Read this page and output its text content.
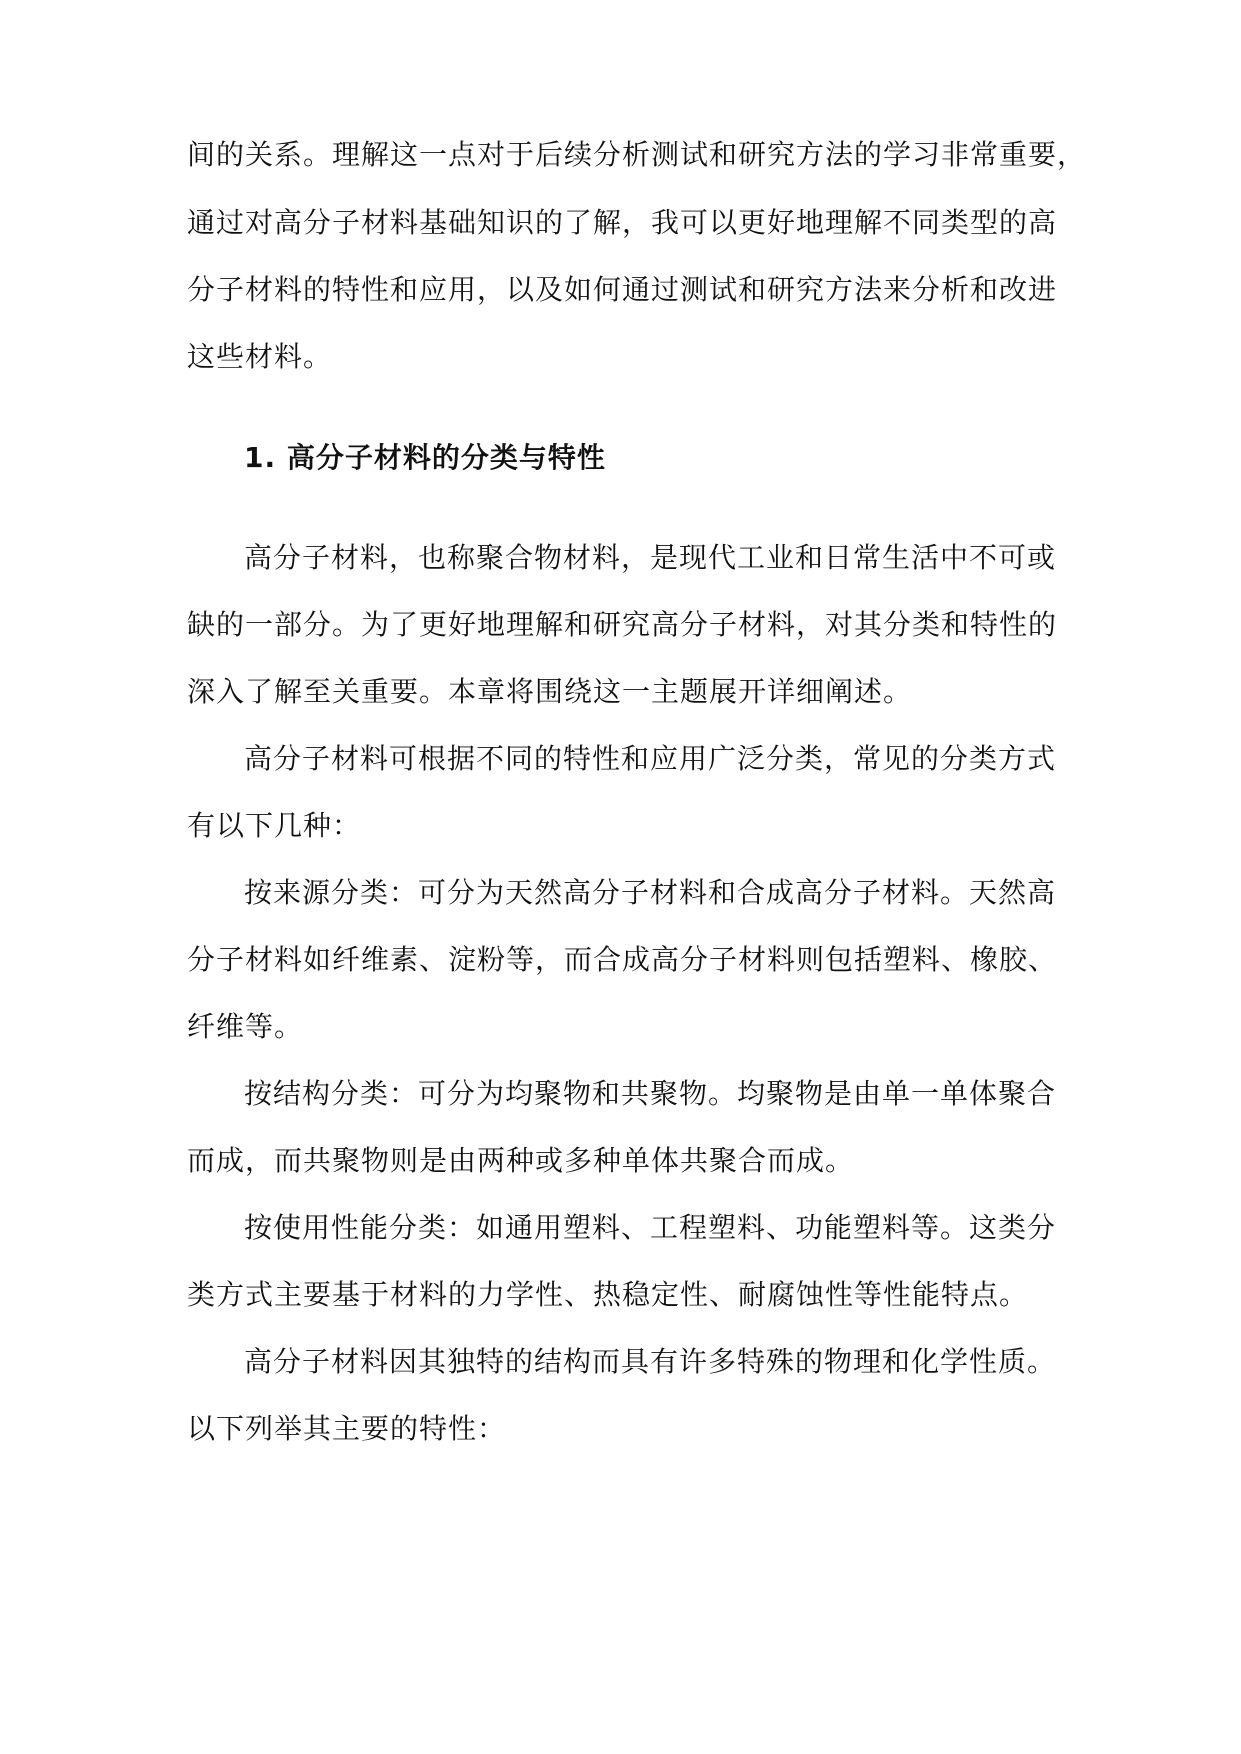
间的关系。理解这一点对于后续分析测试和研究方法的学习非常重要，
通过对高分子材料基础知识的了解，我可以更好地理解不同类型的高
分子材料的特性和应用，以及如何通过测试和研究方法来分析和改进
这些材料。
1. 高分子材料的分类与特性
高分子材料，也称聚合物材料，是现代工业和日常生活中不可或
缺的一部分。为了更好地理解和研究高分子材料，对其分类和特性的
深入了解至关重要。本章将围绕这一主题展开详细阐述。
高分子材料可根据不同的特性和应用广泛分类，常见的分类方式
有以下几种：
按来源分类：可分为天然高分子材料和合成高分子材料。天然高
分子材料如纤维素、淀粉等，而合成高分子材料则包括塑料、橡胶、
纤维等。
按结构分类：可分为均聚物和共聚物。均聚物是由单一单体聚合
而成，而共聚物则是由两种或多种单体共聚合而成。
按使用性能分类：如通用塑料、工程塑料、功能塑料等。这类分
类方式主要基于材料的力学性、热稳定性、耐腐蚀性等性能特点。
高分子材料因其独特的结构而具有许多特殊的物理和化学性质。
以下列举其主要的特性：
